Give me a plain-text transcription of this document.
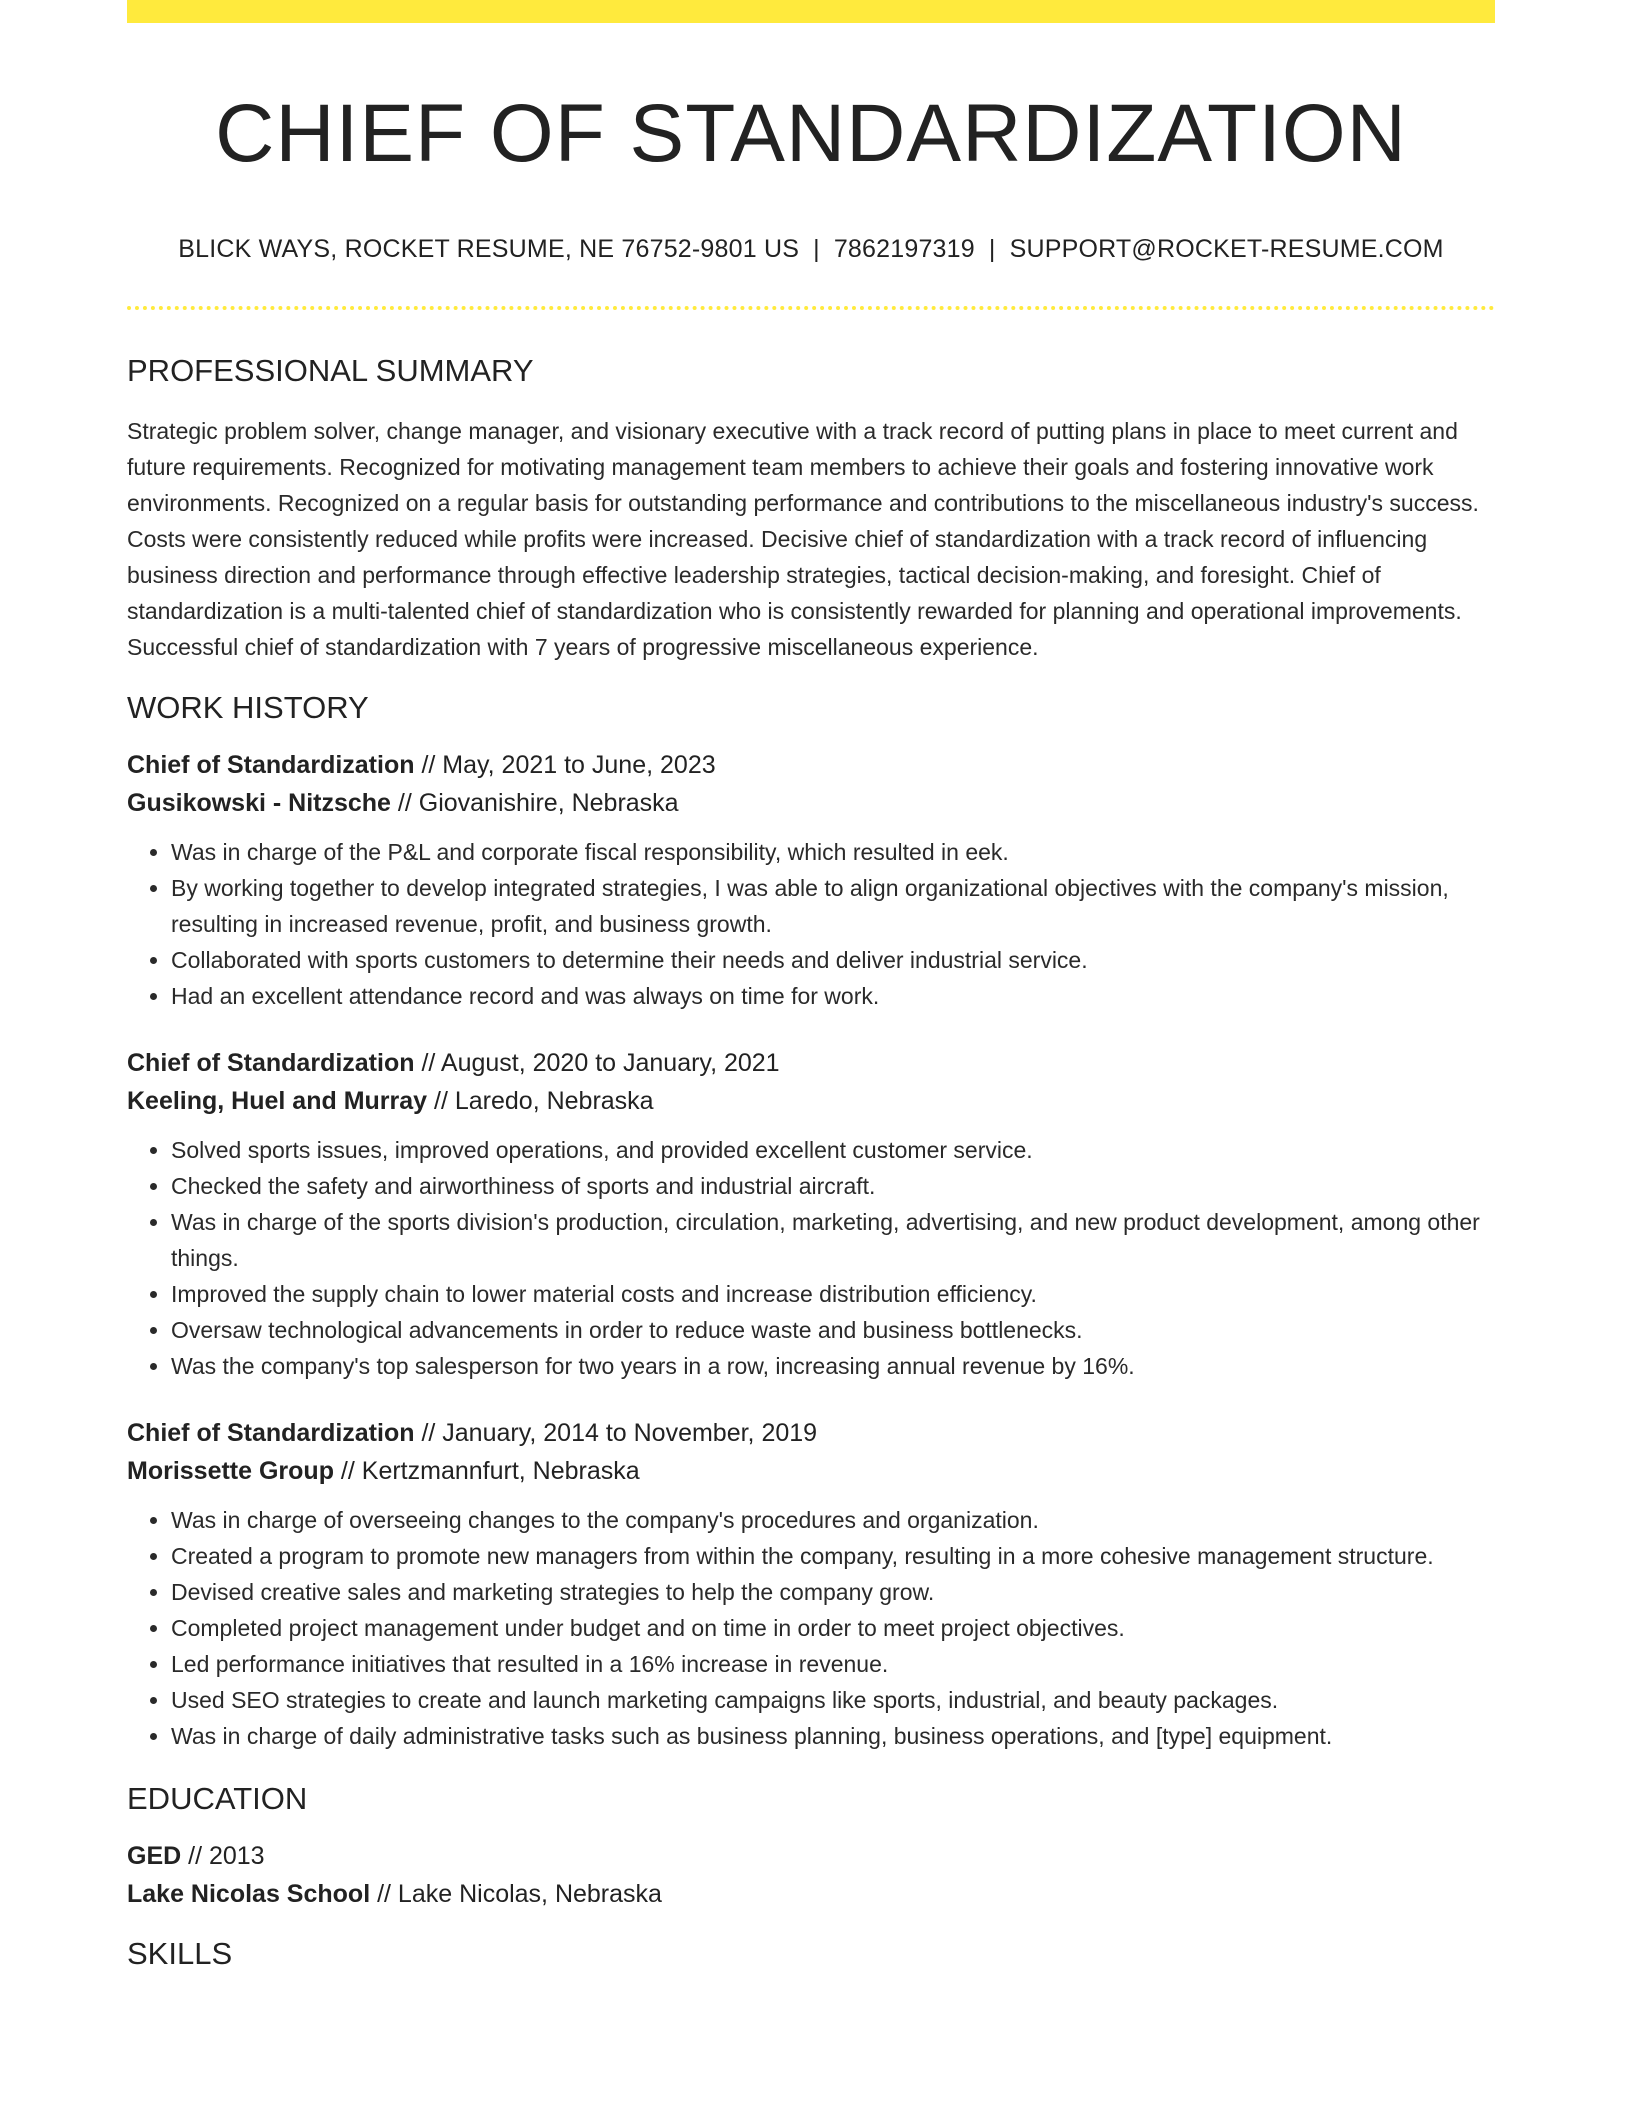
CHIEF OF STANDARDIZATION
BLICK WAYS, ROCKET RESUME, NE 76752-9801 US | 7862197319 | SUPPORT@ROCKET-RESUME.COM
PROFESSIONAL SUMMARY
Strategic problem solver, change manager, and visionary executive with a track record of putting plans in place to meet current and future requirements. Recognized for motivating management team members to achieve their goals and fostering innovative work environments. Recognized on a regular basis for outstanding performance and contributions to the miscellaneous industry's success. Costs were consistently reduced while profits were increased. Decisive chief of standardization with a track record of influencing business direction and performance through effective leadership strategies, tactical decision-making, and foresight. Chief of standardization is a multi-talented chief of standardization who is consistently rewarded for planning and operational improvements. Successful chief of standardization with 7 years of progressive miscellaneous experience.
WORK HISTORY
Chief of Standardization // May, 2021 to June, 2023
Gusikowski - Nitzsche // Giovanishire, Nebraska
• Was in charge of the P&L and corporate fiscal responsibility, which resulted in eek.
• By working together to develop integrated strategies, I was able to align organizational objectives with the company's mission, resulting in increased revenue, profit, and business growth.
• Collaborated with sports customers to determine their needs and deliver industrial service.
• Had an excellent attendance record and was always on time for work.
Chief of Standardization // August, 2020 to January, 2021
Keeling, Huel and Murray // Laredo, Nebraska
• Solved sports issues, improved operations, and provided excellent customer service.
• Checked the safety and airworthiness of sports and industrial aircraft.
• Was in charge of the sports division's production, circulation, marketing, advertising, and new product development, among other things.
• Improved the supply chain to lower material costs and increase distribution efficiency.
• Oversaw technological advancements in order to reduce waste and business bottlenecks.
• Was the company's top salesperson for two years in a row, increasing annual revenue by 16%.
Chief of Standardization // January, 2014 to November, 2019
Morissette Group // Kertzmannfurt, Nebraska
• Was in charge of overseeing changes to the company's procedures and organization.
• Created a program to promote new managers from within the company, resulting in a more cohesive management structure.
• Devised creative sales and marketing strategies to help the company grow.
• Completed project management under budget and on time in order to meet project objectives.
• Led performance initiatives that resulted in a 16% increase in revenue.
• Used SEO strategies to create and launch marketing campaigns like sports, industrial, and beauty packages.
• Was in charge of daily administrative tasks such as business planning, business operations, and [type] equipment.
EDUCATION
GED // 2013
Lake Nicolas School // Lake Nicolas, Nebraska
SKILLS
